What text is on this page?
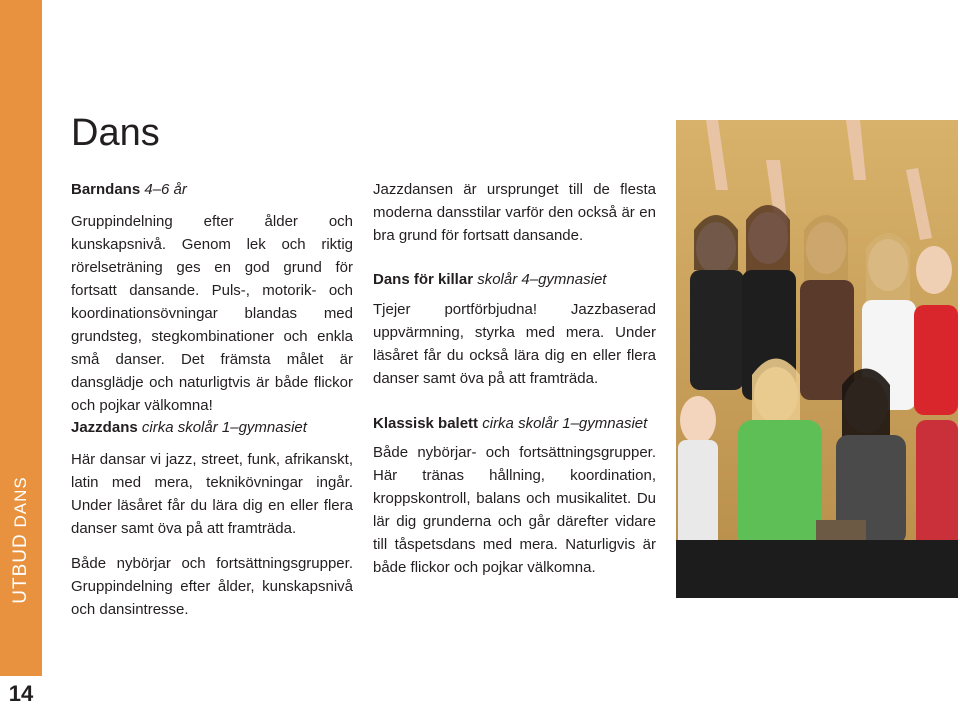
UTBUD DANS
14
Dans

Barndans 4–6 år

Gruppindelning efter ålder och kunskapsnivå. Genom lek och riktig rörelseträning ges en god grund för fortsatt dansande. Puls-, motorik- och koordinationsövningar blandas med grundsteg, stegkombinationer och enkla små danser. Det främsta målet är dansglädje och naturligtvis är både flickor och pojkar välkomna!

Jazzdans cirka skolår 1–gymnasiet

Här dansar vi jazz, street, funk, afrikanskt, latin med mera, teknikövningar ingår. Under läsåret får du lära dig en eller flera danser samt öva på att framträda.

Både nybörjar och fortsättningsgrupper. Gruppindelning efter ålder, kunskapsnivå och dansintresse.

Jazzdansen är ursprunget till de flesta moderna dansstilar varför den också är en bra grund för fortsatt dansande.

Dans för killar skolår 4–gymnasiet

Tjejer portförbjudna! Jazzbaserad uppvärmning, styrka med mera. Under läsåret får du också lära dig en eller flera danser samt öva på att framträda.

Klassisk balett cirka skolår 1–gymnasiet

Både nybörjar- och fortsättningsgrupper. Här tränas hållning, koordination, kroppskontroll, balans och musikalitet. Du lär dig grunderna och går därefter vidare till tåspetsdans med mera. Naturligvis är både flickor och pojkar välkomna.
